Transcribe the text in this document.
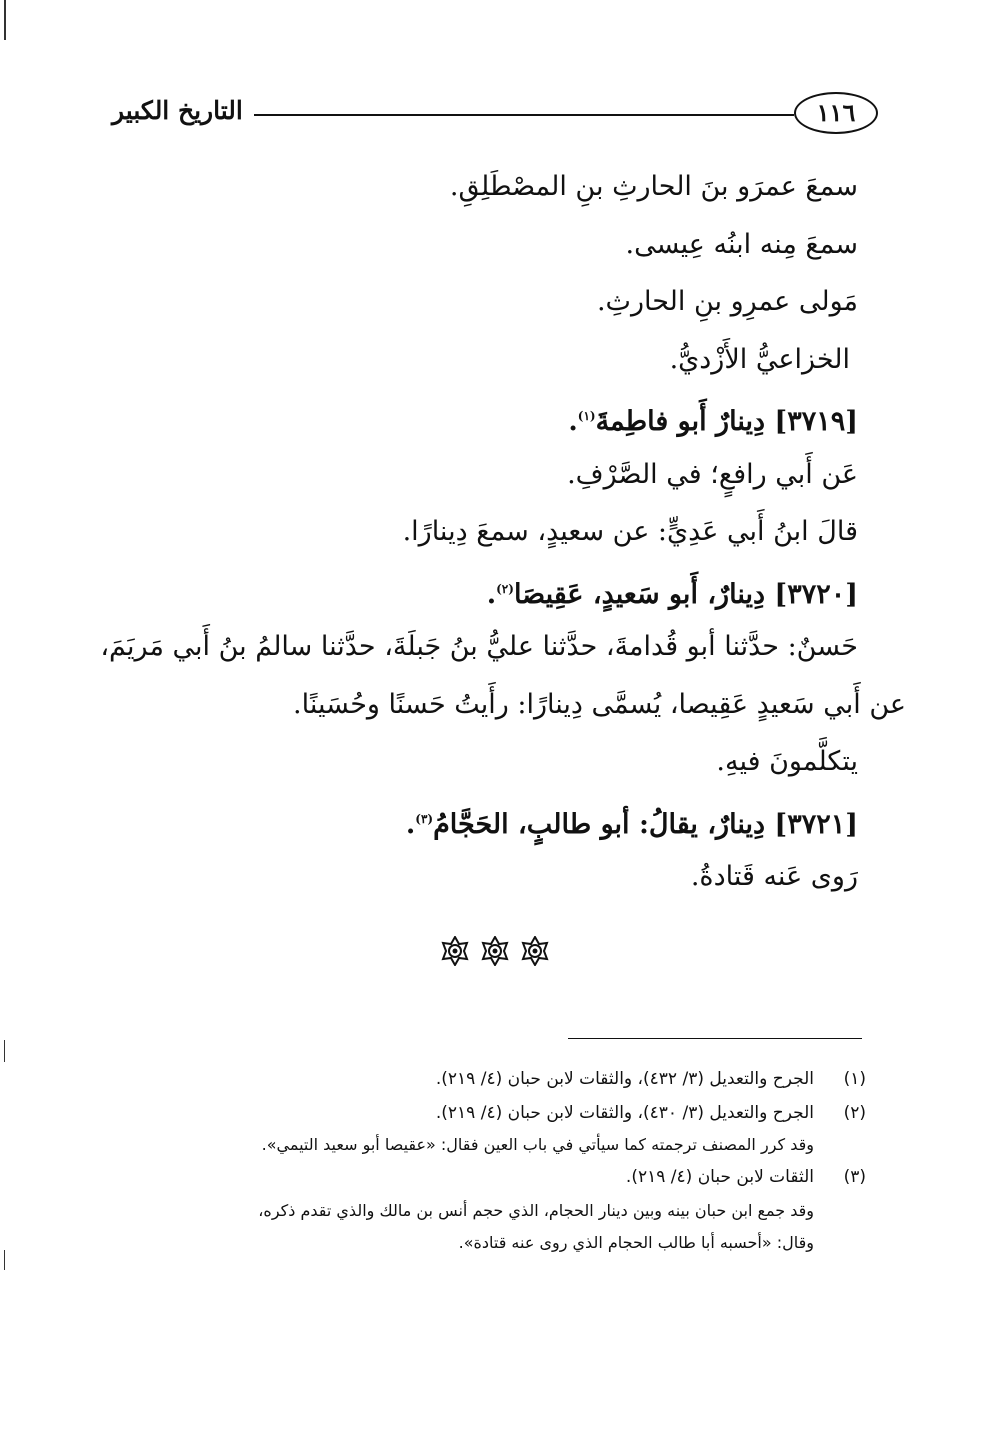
التاريخ الكبير	١١٦

سمعَ عمرَو بنَ الحارثِ بنِ المصْطَلِقِ.

سمعَ مِنه ابنُه عِيسى.

مَولى عمرِو بنِ الحارثِ.

الخزاعيُّ الأَزْديُّ.

[٣٧١٩] دِينارٌ أَبو فاطِمةَ$^{(١)}$.

عَن أَبي رافعٍ؛ في الصَّرْفِ.

قالَ ابنُ أَبي عَدِيٍّ: عن سعيدٍ، سمعَ دِينارًا.

[٣٧٢٠] دِينارٌ، أَبو سَعيدٍ، عَقِيصَا$^{(٢)}$.

حَسنٌ: حدَّثنا أبو قُدامةَ، حدَّثنا عليُّ بنُ جَبلَةَ، حدَّثنا سالمُ بنُ أَبي مَريَمَ،

عن أَبي سَعيدٍ عَقِيصا، يُسمَّى دِينارًا: رأَيتُ حَسنًا وحُسَينًا.

يتكلَّمونَ فيهِ.

[٣٧٢١] دِينارٌ، يقالُ: أبو طالبٍ، الحَجَّامُ$^{(٣)}$.

رَوى عَنه قَتادةُ.

(١)الجرح والتعديل (٣/ ٤٣٢)، والثقات لابن حبان (٤/ ٢١٩).
(٢)الجرح والتعديل (٣/ ٤٣٠)، والثقات لابن حبان (٤/ ٢١٩).
وقد كرر المصنف ترجمته كما سيأتي في باب العين فقال: «عقيصا أبو سعيد التيمي».
(٣)الثقات لابن حبان (٤/ ٢١٩).
وقد جمع ابن حبان بينه وبين دينار الحجام، الذي حجم أنس بن مالك والذي تقدم ذكره،
وقال: «أحسبه أبا طالب الحجام الذي روى عنه قتادة».
